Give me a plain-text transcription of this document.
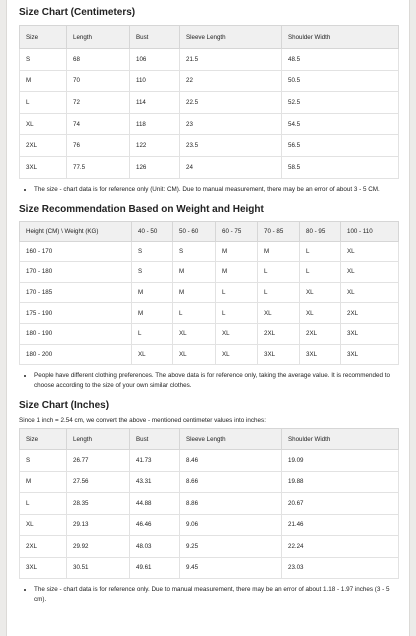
Size Chart (Centimeters)
Size	Length	Bust	Sleeve Length	Shoulder Width
S	68	106	21.5	48.5
M	70	110	22	50.5
L	72	114	22.5	52.5
XL	74	118	23	54.5
2XL	76	122	23.5	56.5
3XL	77.5	126	24	58.5
• The size - chart data is for reference only (Unit: CM). Due to manual measurement, there may be an error of about 3 - 5 CM.
Size Recommendation Based on Weight and Height
Height (CM) \ Weight (KG)	40 - 50	50 - 60	60 - 75	70 - 85	80 - 95	100 - 110
160 - 170	S	S	M	M	L	XL
170 - 180	S	M	M	L	L	XL
170 - 185	M	M	L	L	XL	XL
175 - 190	M	L	L	XL	XL	2XL
180 - 190	L	XL	XL	2XL	2XL	3XL
180 - 200	XL	XL	XL	3XL	3XL	3XL
• People have different clothing preferences. The above data is for reference only, taking the average value. It is recommended to choose according to the size of your own similar clothes.
Size Chart (Inches)

Since 1 inch = 2.54 cm, we convert the above - mentioned centimeter values into inches:

Size	Length	Bust	Sleeve Length	Shoulder Width
S	26.77	41.73	8.46	19.09
M	27.56	43.31	8.66	19.88
L	28.35	44.88	8.86	20.67
XL	29.13	46.46	9.06	21.46
2XL	29.92	48.03	9.25	22.24
3XL	30.51	49.61	9.45	23.03
• The size - chart data is for reference only. Due to manual measurement, there may be an error of about 1.18 - 1.97 inches (3 - 5 cm).
